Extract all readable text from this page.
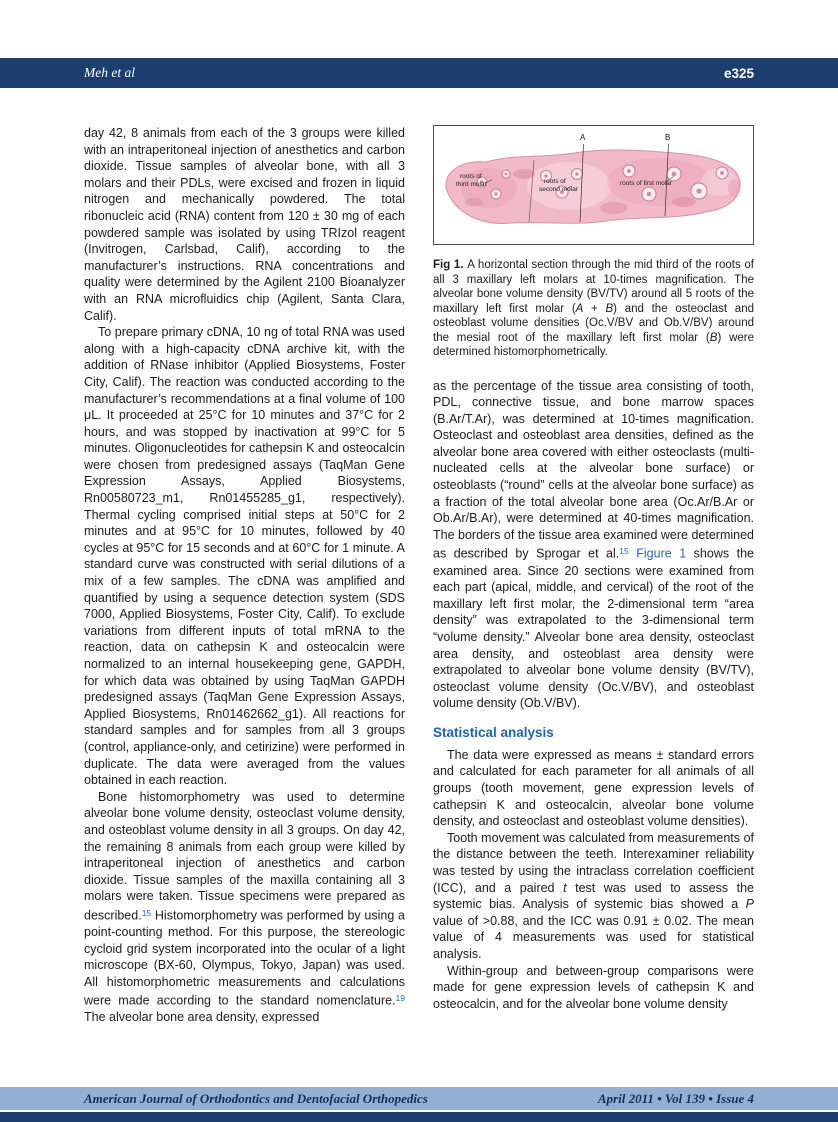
Meh et al	e325

day 42, 8 animals from each of the 3 groups were killed with an intraperitoneal injection of anesthetics and carbon dioxide. Tissue samples of alveolar bone, with all 3 molars and their PDLs, were excised and frozen in liquid nitrogen and mechanically powdered. The total ribonucleic acid (RNA) content from 120 ± 30 mg of each powdered sample was isolated by using TRIzol reagent (Invitrogen, Carlsbad, Calif), according to the manufacturer’s instructions. RNA concentrations and quality were determined by the Agilent 2100 Bioanalyzer with an RNA microfluidics chip (Agilent, Santa Clara, Calif).

To prepare primary cDNA, 10 ng of total RNA was used along with a high-capacity cDNA archive kit, with the addition of RNase inhibitor (Applied Biosystems, Foster City, Calif). The reaction was conducted according to the manufacturer’s recommendations at a final volume of 100 μL. It proceeded at 25°C for 10 minutes and 37°C for 2 hours, and was stopped by inactivation at 99°C for 5 minutes. Oligonucleotides for cathepsin K and osteocalcin were chosen from predesigned assays (TaqMan Gene Expression Assays, Applied Biosystems, Rn00580723_m1, Rn01455285_g1, respectively). Thermal cycling comprised initial steps at 50°C for 2 minutes and at 95°C for 10 minutes, followed by 40 cycles at 95°C for 15 seconds and at 60°C for 1 minute. A standard curve was constructed with serial dilutions of a mix of a few samples. The cDNA was amplified and quantified by using a sequence detection system (SDS 7000, Applied Biosystems, Foster City, Calif). To exclude variations from different inputs of total mRNA to the reaction, data on cathepsin K and osteocalcin were normalized to an internal housekeeping gene, GAPDH, for which data was obtained by using TaqMan GAPDH predesigned assays (TaqMan Gene Expression Assays, Applied Biosystems, Rn01462662_g1). All reactions for standard samples and for samples from all 3 groups (control, appliance-only, and cetirizine) were performed in duplicate. The data were averaged from the values obtained in each reaction.

Bone histomorphometry was used to determine alveolar bone volume density, osteoclast volume density, and osteoblast volume density in all 3 groups. On day 42, the remaining 8 animals from each group were killed by intraperitoneal injection of anesthetics and carbon dioxide. Tissue samples of the maxilla containing all 3 molars were taken. Tissue specimens were prepared as described.$^{15}$ Histomorphometry was performed by using a point-counting method. For this purpose, the stereologic cycloid grid system incorporated into the ocular of a light microscope (BX-60, Olympus, Tokyo, Japan) was used. All histomorphometric measurements and calculations were made according to the standard nomenclature.$^{19}$ The alveolar bone area density, expressed

A	B
roots of
third molar	roots of
second molar
roots of first molar

Fig 1. A horizontal section through the mid third of the roots of all 3 maxillary left molars at 10-times magnification. The alveolar bone volume density (BV/TV) around all 5 roots of the maxillary left first molar (A + B) and the osteoclast and osteoblast volume densities (Oc.V/BV and Ob.V/BV) around the mesial root of the maxillary left first molar (B) were determined histomorphometrically.

as the percentage of the tissue area consisting of tooth, PDL, connective tissue, and bone marrow spaces (B.Ar/T.Ar), was determined at 10-times magnification. Osteoclast and osteoblast area densities, defined as the alveolar bone area covered with either osteoclasts (multi-nucleated cells at the alveolar bone surface) or osteoblasts (“round” cells at the alveolar bone surface) as a fraction of the total alveolar bone area (Oc.Ar/B.Ar or Ob.Ar/B.Ar), were determined at 40-times magnification. The borders of the tissue area examined were determined as described by Sprogar et al.$^{15}$ Figure 1 shows the examined area. Since 20 sections were examined from each part (apical, middle, and cervical) of the root of the maxillary left first molar, the 2-dimensional term “area density” was extrapolated to the 3-dimensional term “volume density.” Alveolar bone area density, osteoclast area density, and osteoblast area density were extrapolated to alveolar bone volume density (BV/TV), osteoclast volume density (Oc.V/BV), and osteoblast volume density (Ob.V/BV).

Statistical analysis

The data were expressed as means ± standard errors and calculated for each parameter for all animals of all groups (tooth movement, gene expression levels of cathepsin K and osteocalcin, alveolar bone volume density, and osteoclast and osteoblast volume densities).

Tooth movement was calculated from measurements of the distance between the teeth. Interexaminer reliability was tested by using the intraclass correlation coefficient (ICC), and a paired t test was used to assess the systemic bias. Analysis of systemic bias showed a P value of >0.88, and the ICC was 0.91 ± 0.02. The mean value of 4 measurements was used for statistical analysis.

Within-group and between-group comparisons were made for gene expression levels of cathepsin K and osteocalcin, and for the alveolar bone volume density

American Journal of Orthodontics and Dentofacial Orthopedics	April 2011 • Vol 139 • Issue 4
